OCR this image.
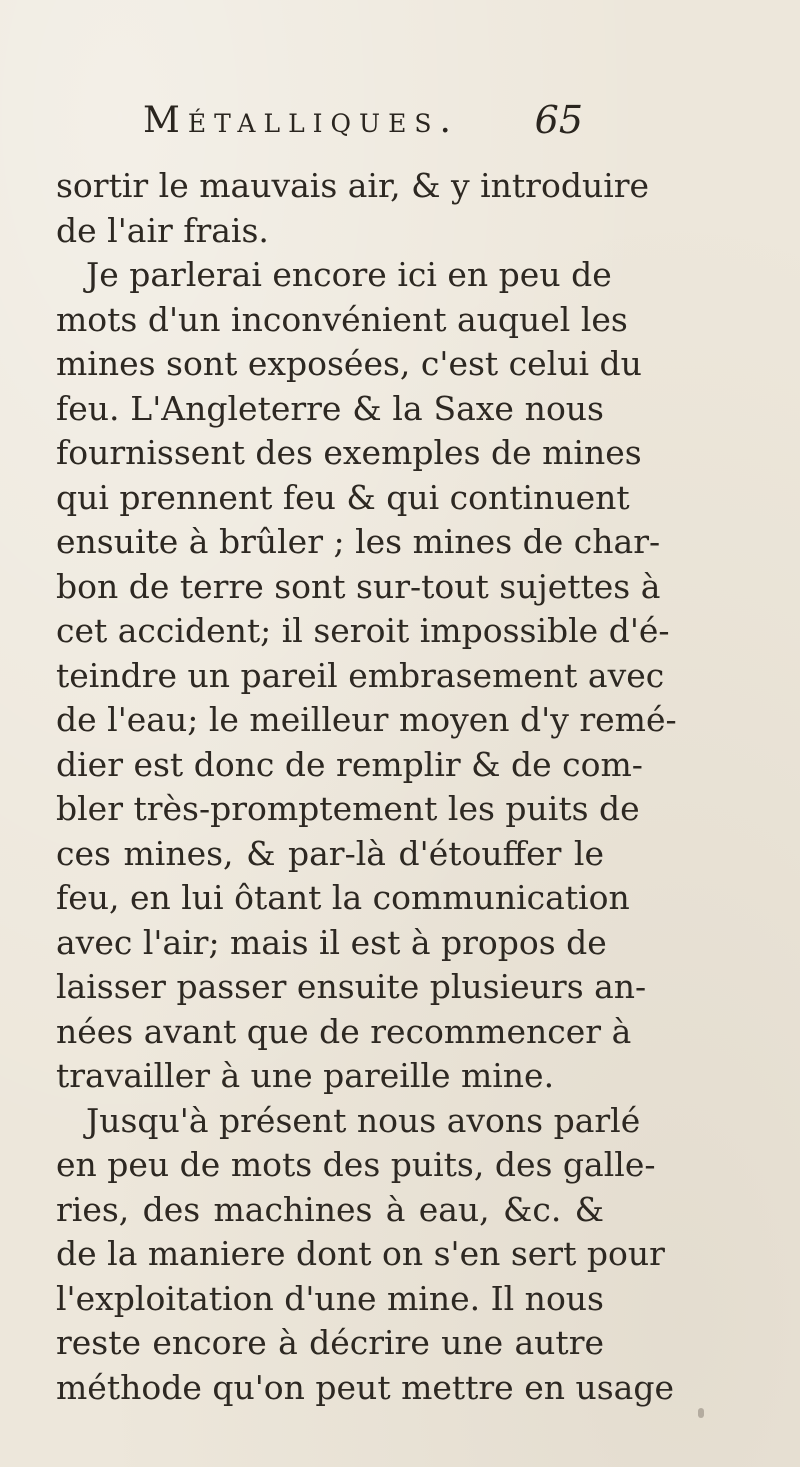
Métalliques. 65
sortir le mauvais air, & y introduire
de l'air frais.
Je parlerai encore ici en peu de
mots d'un inconvénient auquel les
mines sont exposées, c'est celui du
feu. L'Angleterre & la Saxe nous
fournissent des exemples de mines
qui prennent feu & qui continuent
ensuite à brûler ; les mines de char-
bon de terre sont sur-tout sujettes à
cet accident; il seroit impossible d'é-
teindre un pareil embrasement avec
de l'eau; le meilleur moyen d'y remé-
dier est donc de remplir & de com-
bler très-promptement les puits de
ces mines, & par-là d'étouffer le
feu, en lui ôtant la communication
avec l'air; mais il est à propos de
laisser passer ensuite plusieurs an-
nées avant que de recommencer à
travailler à une pareille mine.
Jusqu'à présent nous avons parlé
en peu de mots des puits, des galle-
ries, des machines à eau, &c. &
de la maniere dont on s'en sert pour
l'exploitation d'une mine. Il nous
reste encore à décrire une autre
méthode qu'on peut mettre en usage
